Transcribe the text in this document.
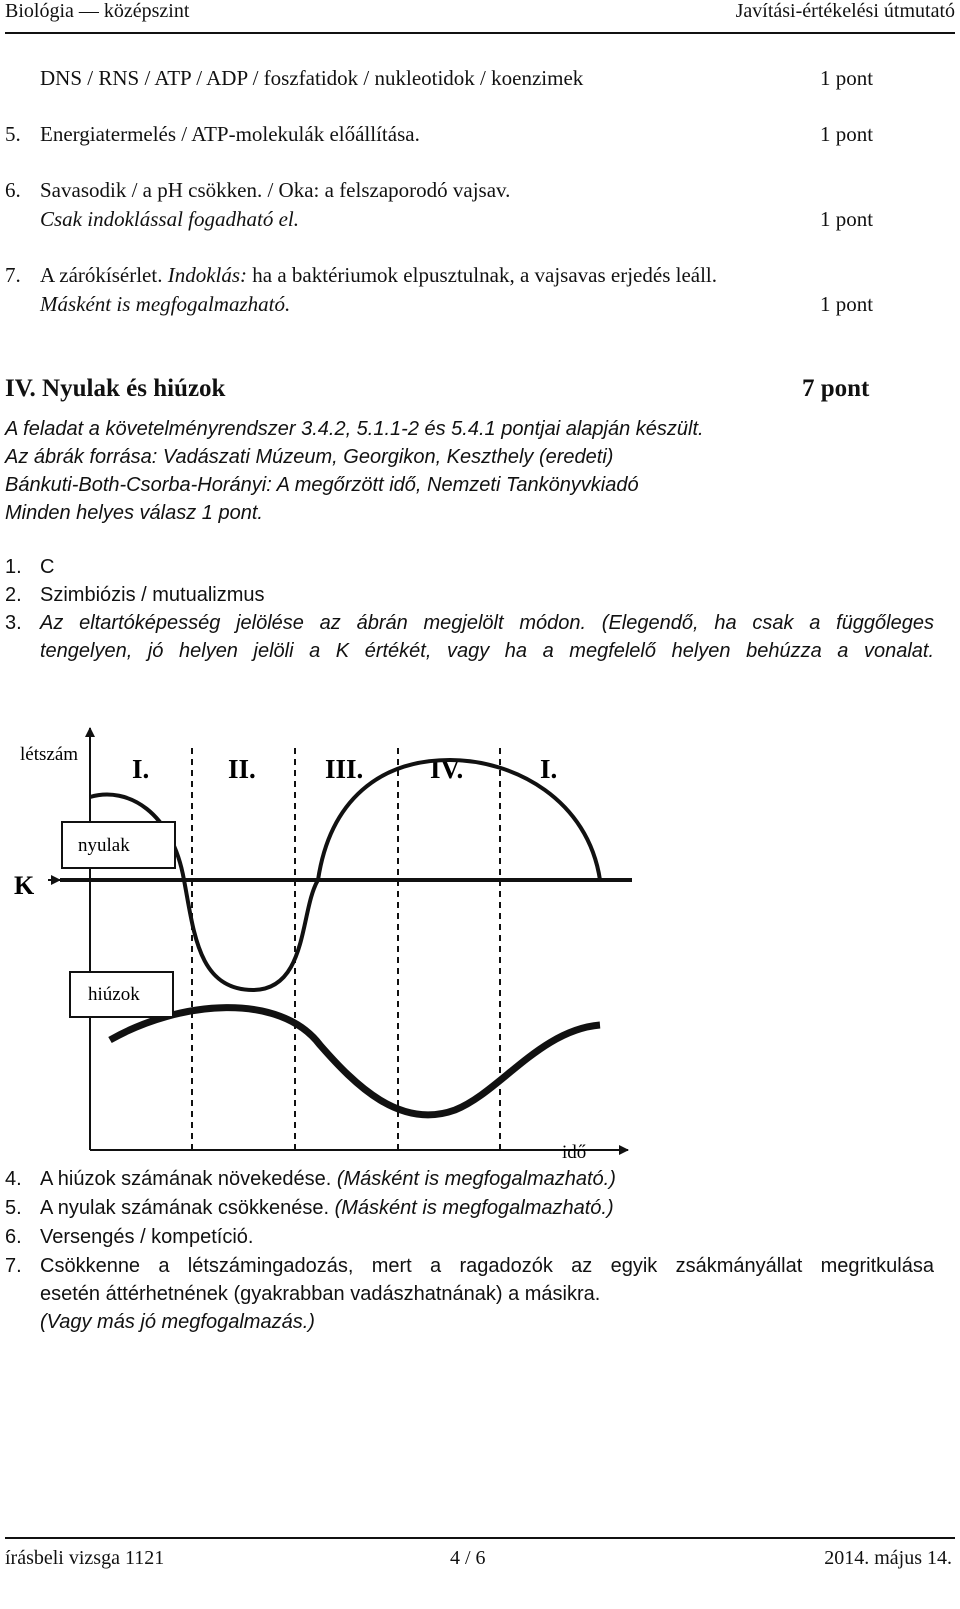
Biológia — középszint	Javítási-értékelési útmutató
DNS / RNS / ATP / ADP / foszfatidok / nukleotidok / koenzimek	1 pont
5. Energiatermelés / ATP-molekulák előállítása.	1 pont
6. Savasodik / a pH csökken. / Oka: a felszaporodó vajsav.
Csak indoklással fogadható el.	1 pont
7. A zárókísérlet. Indoklás: ha a baktériumok elpusztulnak, a vajsavas erjedés leáll.
Másként is megfogalmazható.	1 pont
IV. Nyulak és hiúzok	7 pont
A feladat a követelményrendszer 3.4.2, 5.1.1-2 és 5.4.1 pontjai alapján készült.
Az ábrák forrása: Vadászati Múzeum, Georgikon, Keszthely (eredeti)
Bánkuti-Both-Csorba-Horányi: A megőrzött idő, Nemzeti Tankönyvkiadó
Minden helyes válasz 1 pont.
1. C
2. Szimbiózis / mutualizmus
3. Az eltartóképesség jelölése az ábrán megjelölt módon. (Elegendő, ha csak a függőleges
tengelyen, jó helyen jelöli a K értékét, vagy ha a megfelelő helyen behúzza a vonalat.
létszám
idő
I.	II.	III. IV.	I.
K
nyulak
hiúzok
4. A hiúzok számának növekedése. (Másként is megfogalmazható.)
5. A nyulak számának csökkenése. (Másként is megfogalmazható.)
6. Versengés / kompetíció.
7. Csökkenne a létszámingadozás, mert a ragadozók az egyik zsákmányállat megritkulása
esetén áttérhetnének (gyakrabban vadászhatnának) a másikra.
(Vagy más jó megfogalmazás.)
írásbeli vizsga 1121	4 / 6	2014. május 14.
